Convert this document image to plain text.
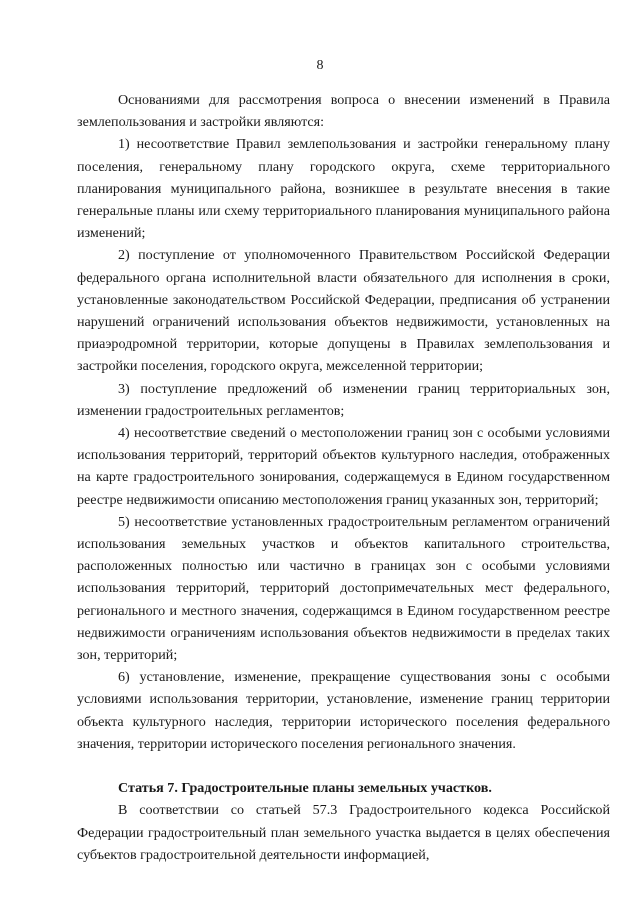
8

Основаниями для рассмотрения вопроса о внесении изменений в Правила землепользования и застройки являются:

1) несоответствие Правил землепользования и застройки генеральному плану поселения, генеральному плану городского округа, схеме территориального планирования муниципального района, возникшее в результате внесения в такие генеральные планы или схему территориального планирования муниципального района изменений;

2) поступление от уполномоченного Правительством Российской Федерации федерального органа исполнительной власти обязательного для исполнения в сроки, установленные законодательством Российской Федерации, предписания об устранении нарушений ограничений использования объектов недвижимости, установленных на приаэродромной территории, которые допущены в Правилах землепользования и застройки поселения, городского округа, межселенной территории;

3) поступление предложений об изменении границ территориальных зон, изменении градостроительных регламентов;

4) несоответствие сведений о местоположении границ зон с особыми условиями использования территорий, территорий объектов культурного наследия, отображенных на карте градостроительного зонирования, содержащемуся в Едином государственном реестре недвижимости описанию местоположения границ указанных зон, территорий;

5) несоответствие установленных градостроительным регламентом ограничений использования земельных участков и объектов капитального строительства, расположенных полностью или частично в границах зон с особыми условиями использования территорий, территорий достопримечательных мест федерального, регионального и местного значения, содержащимся в Едином государственном реестре недвижимости ограничениям использования объектов недвижимости в пределах таких зон, территорий;

6) установление, изменение, прекращение существования зоны с особыми условиями использования территории, установление, изменение границ территории объекта культурного наследия, территории исторического поселения федерального значения, территории исторического поселения регионального значения.

Статья 7. Градостроительные планы земельных участков.

В соответствии со статьей 57.3 Градостроительного кодекса Российской Федерации градостроительный план земельного участка выдается в целях обеспечения субъектов градостроительной деятельности информацией,
